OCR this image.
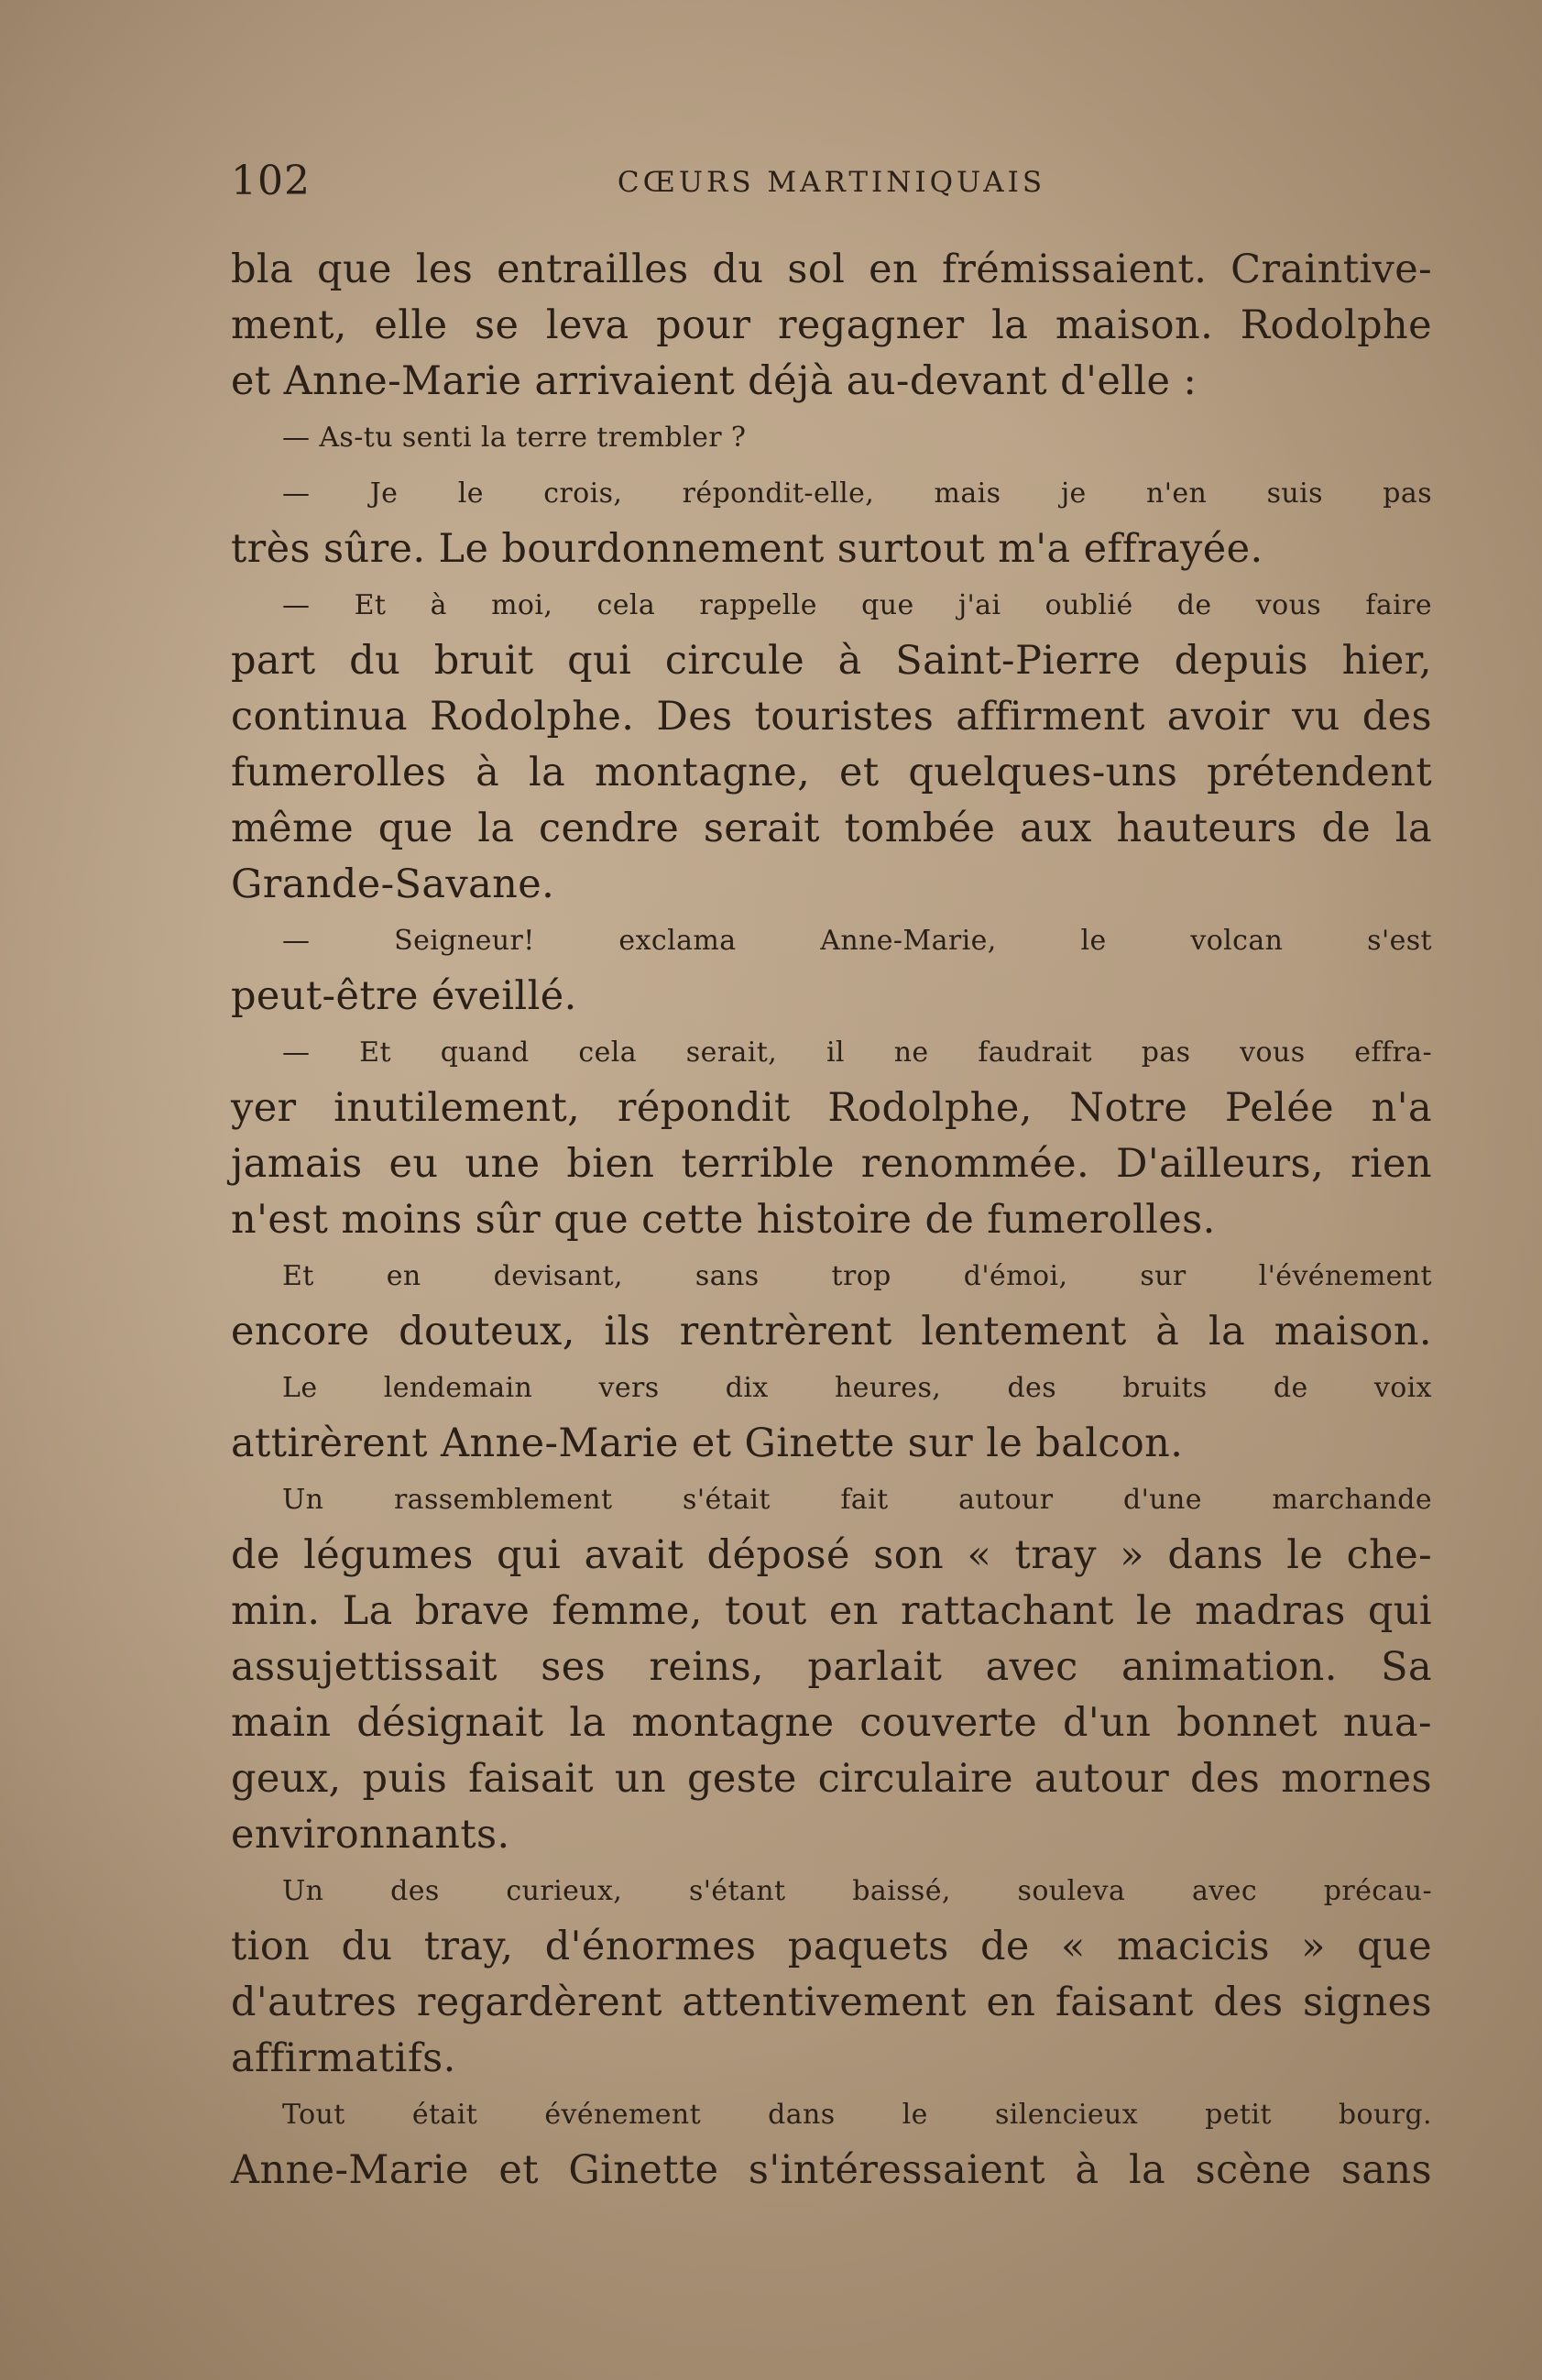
102	CŒURS MARTINIQUAIS
bla que les entrailles du sol en frémissaient. Craintive-
ment, elle se leva pour regagner la maison. Rodolphe
et Anne-Marie arrivaient déjà au-devant d'elle :
— As-tu senti la terre trembler ?
— Je le crois, répondit-elle, mais je n'en suis pas
très sûre. Le bourdonnement surtout m'a effrayée.
— Et à moi, cela rappelle que j'ai oublié de vous faire
part du bruit qui circule à Saint-Pierre depuis hier,
continua Rodolphe. Des touristes affirment avoir vu des
fumerolles à la montagne, et quelques-uns prétendent
même que la cendre serait tombée aux hauteurs de la
Grande-Savane.
— Seigneur! exclama Anne-Marie, le volcan s'est
peut-être éveillé.
— Et quand cela serait, il ne faudrait pas vous effra-
yer inutilement, répondit Rodolphe, Notre Pelée n'a
jamais eu une bien terrible renommée. D'ailleurs, rien
n'est moins sûr que cette histoire de fumerolles.
Et en devisant, sans trop d'émoi, sur l'événement
encore douteux, ils rentrèrent lentement à la maison.
Le lendemain vers dix heures, des bruits de voix
attirèrent Anne-Marie et Ginette sur le balcon.
Un rassemblement s'était fait autour d'une marchande
de légumes qui avait déposé son « tray » dans le che-
min. La brave femme, tout en rattachant le madras qui
assujettissait ses reins, parlait avec animation. Sa
main désignait la montagne couverte d'un bonnet nua-
geux, puis faisait un geste circulaire autour des mornes
environnants.
Un des curieux, s'étant baissé, souleva avec précau-
tion du tray, d'énormes paquets de « macicis » que
d'autres regardèrent attentivement en faisant des signes
affirmatifs.
Tout était événement dans le silencieux petit bourg.
Anne-Marie et Ginette s'intéressaient à la scène sans
